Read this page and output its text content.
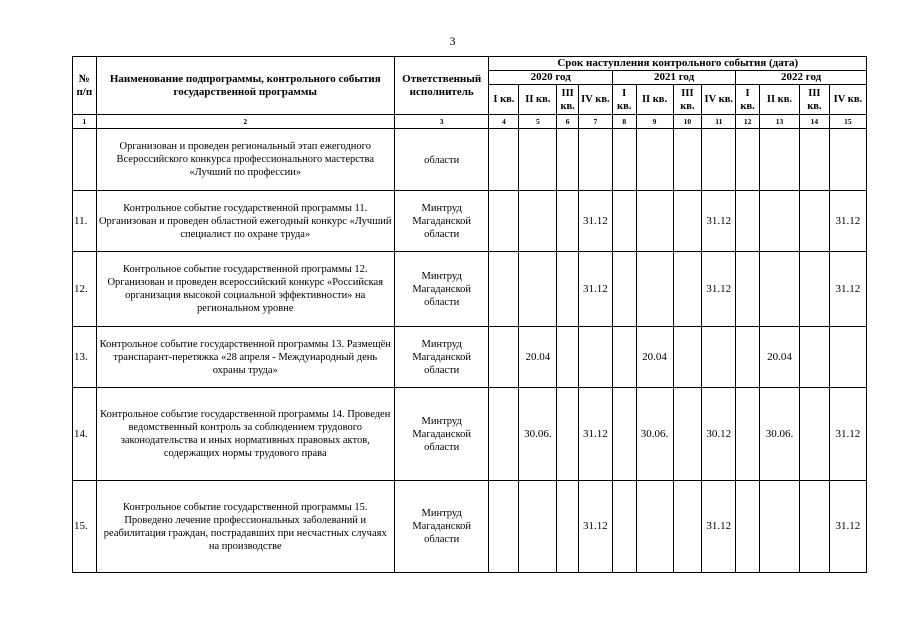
3
№ п/п	Наименование подпрограммы, контрольного события государственной программы	Ответственный исполнитель	Срок наступления контрольного события (дата)											
			2020 год				2021 год				2022 год			
			I кв.	II кв.	III кв.	IV кв.	I кв.	II кв.	III кв.	IV кв.	I кв.	II кв.	III кв.	IV кв.
1	2	3	4	5	6	7	8	9	10	11	12	13	14	15
	Организован и проведен региональный этап ежегодного Всероссийского конкурса профессионального мастерства «Лучший по профессии»	области												
11.	Контрольное событие государственной программы 11. Организован и проведен областной ежегодный конкурс «Лучший специалист по охране труда»	Минтруд Магаданской области				31.12				31.12				31.12
12.	Контрольное событие государственной программы 12. Организован и проведен всероссийский конкурс «Российская организация высокой социальной эффективности» на региональном уровне	Минтруд Магаданской области				31.12				31.12				31.12
13.	Контрольное событие государственной программы 13. Размещён транспарант-перетяжка «28 апреля - Международный день охраны труда»	Минтруд Магаданской области		20.04				20.04				20.04		
14.	Контрольное событие государственной программы 14. Проведен ведомственный контроль за соблюдением трудового законодательства и иных нормативных правовых актов, содержащих нормы трудового права	Минтруд Магаданской области		30.06.		31.12		30.06.		30.12		30.06.		31.12
15.	Контрольное событие государственной программы 15. Проведено лечение профессиональных заболеваний и реабилитация граждан, пострадавших при несчастных случаях на производстве	Минтруд Магаданской области				31.12				31.12				31.12
